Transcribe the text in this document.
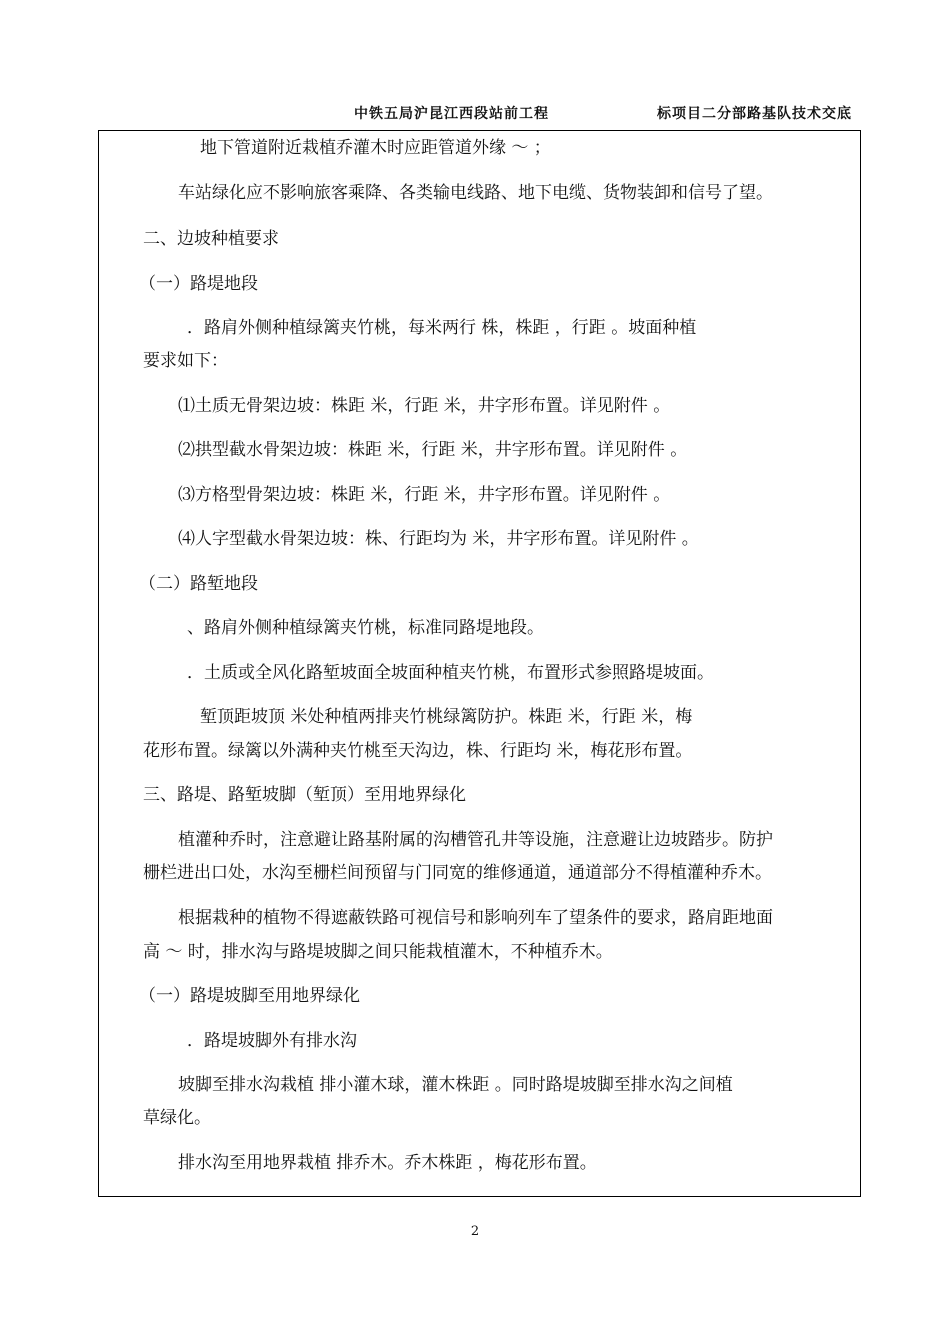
中铁五局沪昆江西段站前工程	标项目二分部路基队技术交底
地下管道附近栽植乔灌木时应距管道外缘 ～ ；
车站绿化应不影响旅客乘降、各类输电线路、地下电缆、货物装卸和信号了望。
二、边坡种植要求
（一）路堤地段
．路肩外侧种植绿篱夹竹桃，每米两行 株，株距 ，行距 。坡面种植
要求如下：
⑴土质无骨架边坡：株距 米，行距 米，井字形布置。详见附件 。
⑵拱型截水骨架边坡：株距 米，行距 米，井字形布置。详见附件 。
⑶方格型骨架边坡：株距 米，行距 米，井字形布置。详见附件 。
⑷人字型截水骨架边坡：株、行距均为 米，井字形布置。详见附件 。
（二）路堑地段
、路肩外侧种植绿篱夹竹桃，标准同路堤地段。
．土质或全风化路堑坡面全坡面种植夹竹桃，布置形式参照路堤坡面。
堑顶距坡顶 米处种植两排夹竹桃绿篱防护。株距 米，行距 米，梅
花形布置。绿篱以外满种夹竹桃至天沟边，株、行距均 米，梅花形布置。
三、路堤、路堑坡脚（堑顶）至用地界绿化
植灌种乔时，注意避让路基附属的沟槽管孔井等设施，注意避让边坡踏步。防护
栅栏进出口处，水沟至栅栏间预留与门同宽的维修通道，通道部分不得植灌种乔木。
根据栽种的植物不得遮蔽铁路可视信号和影响列车了望条件的要求，路肩距地面
高 ～ 时，排水沟与路堤坡脚之间只能栽植灌木，不种植乔木。
（一）路堤坡脚至用地界绿化
．路堤坡脚外有排水沟
坡脚至排水沟栽植 排小灌木球，灌木株距 。同时路堤坡脚至排水沟之间植
草绿化。
排水沟至用地界栽植 排乔木。乔木株距 ，梅花形布置。
2
